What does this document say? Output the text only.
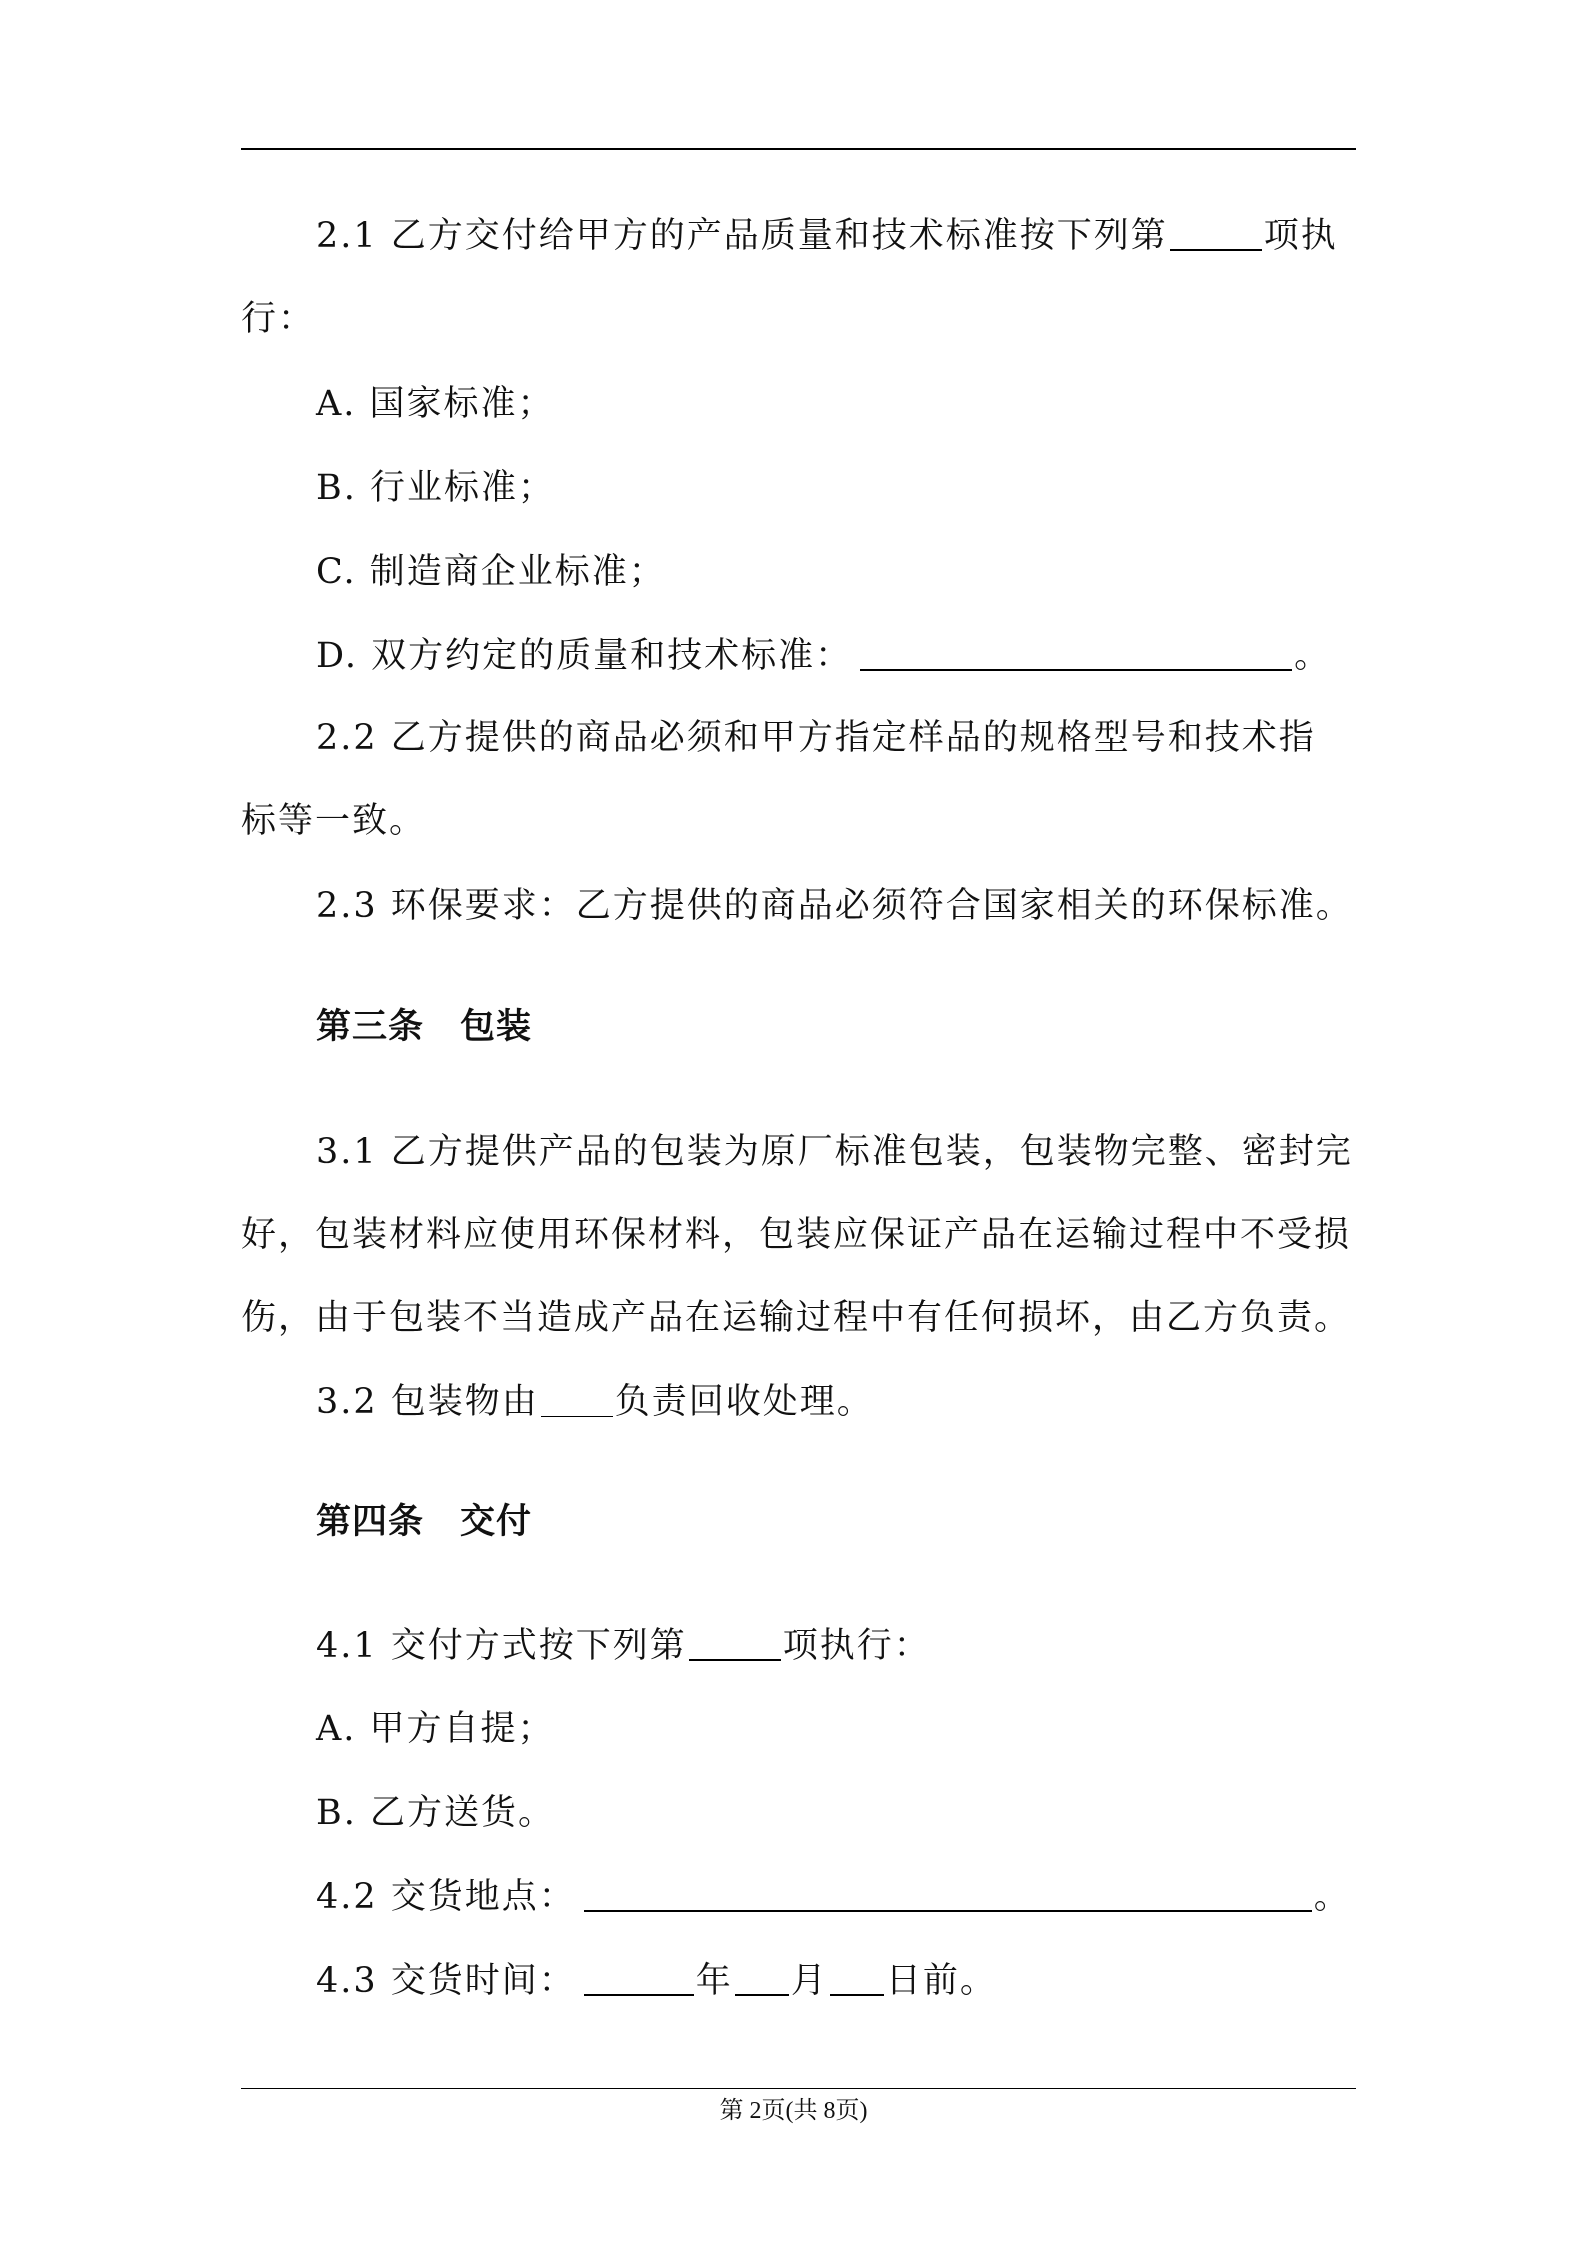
2.1 乙方交付给甲方的产品质量和技术标准按下列第	项执
行：
A. 国家标准；
B. 行业标准；
C. 制造商企业标准；
D. 双方约定的质量和技术标准：	。
2.2 乙方提供的商品必须和甲方指定样品的规格型号和技术指
标等一致。
2.3 环保要求：乙方提供的商品必须符合国家相关的环保标准。
第三条　包装
3.1 乙方提供产品的包装为原厂标准包装，包装物完整、密封完
好，包装材料应使用环保材料，包装应保证产品在运输过程中不受损
伤，由于包装不当造成产品在运输过程中有任何损坏，由乙方负责。
3.2 包装物由 负责回收处理。
第四条　交付
4.1 交付方式按下列第	项执行：
A. 甲方自提；
B. 乙方送货。
4.2 交货地点：	。
4.3 交货时间：	年 月 日前。
第 2页(共 8页)
